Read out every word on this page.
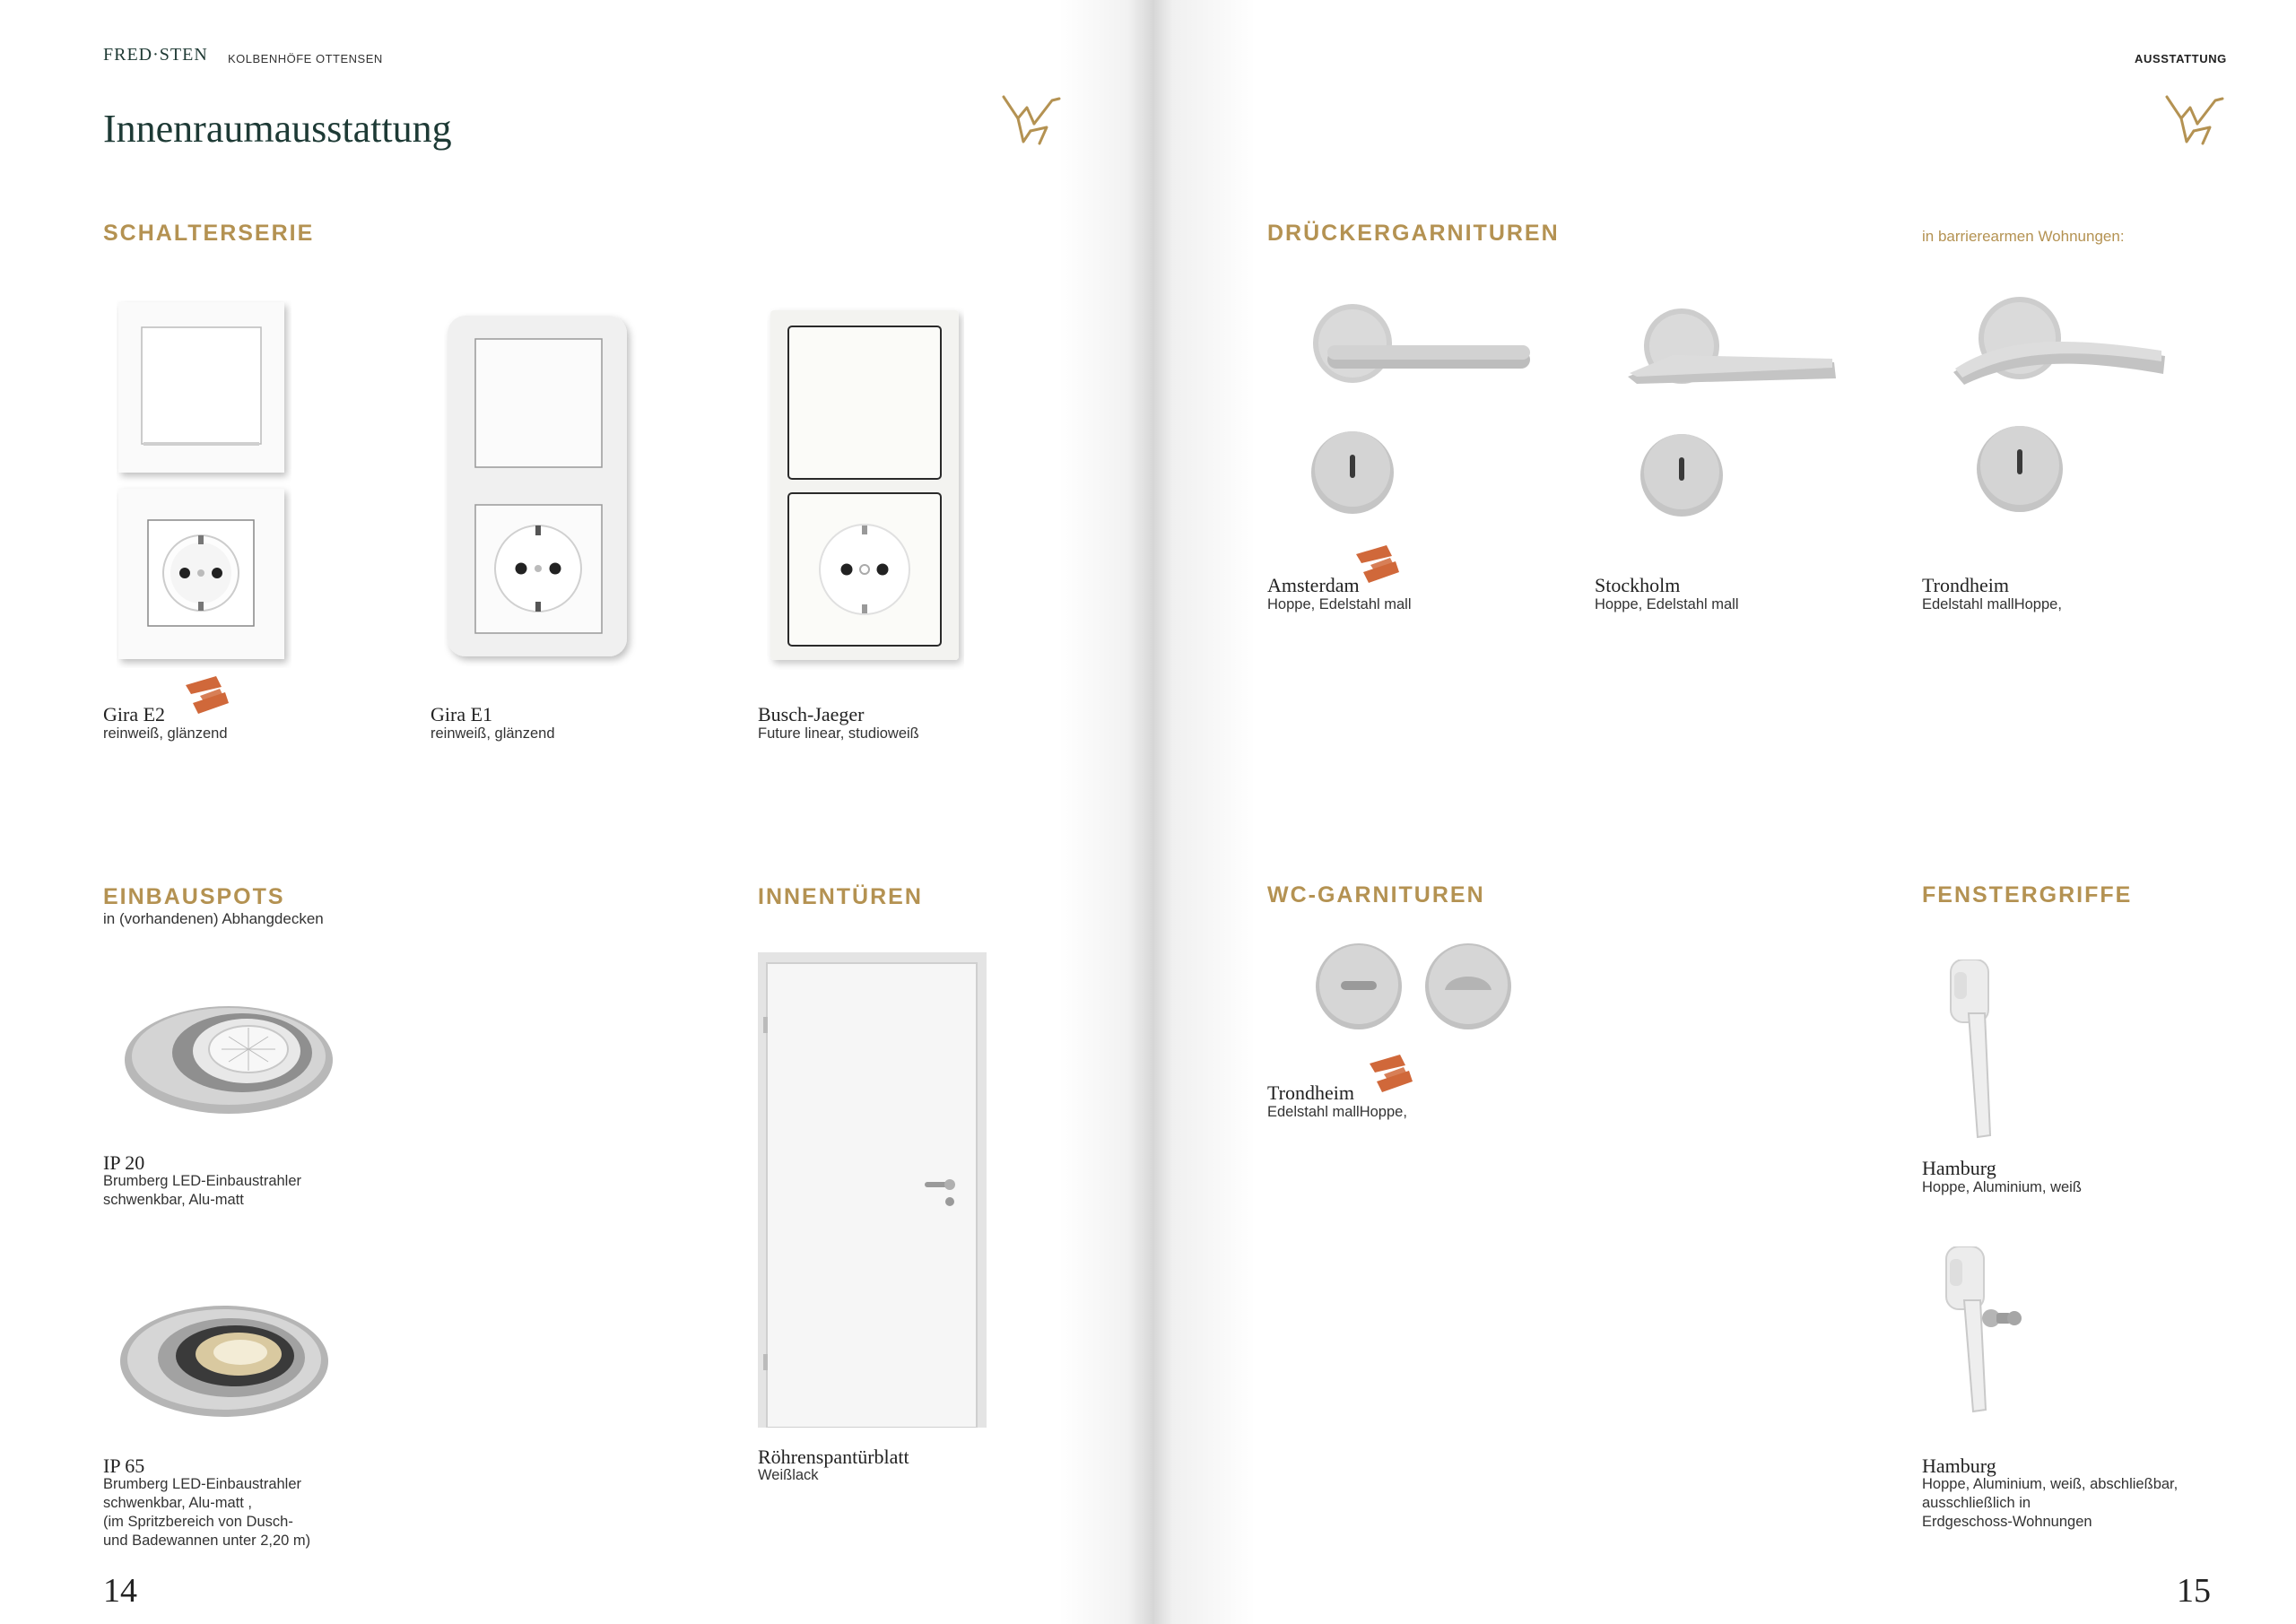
FRED·STEN KOLBENHÖFE OTTENSEN
Innenraumausstattung
SCHALTERSERIE
Gira E2
reinweiß, glänzend
Gira E1
reinweiß, glänzend
Busch-Jaeger
Future linear, studioweiß
EINBAUSPOTS
in (vorhandenen) Abhangdecken
IP 20
Brumberg LED-Einbaustrahler
schwenkbar, Alu-matt
IP 65
Brumberg LED-Einbaustrahler
schwenkbar, Alu-matt ,
(im Spritzbereich von Dusch-
und Badewannen unter 2,20 m)
INNENTÜREN
Röhrenspantürblatt
Weißlack
14
AUSSTATTUNG
DRÜCKERGARNITUREN	in barrierearmen Wohnungen:
Amsterdam
Hoppe, Edelstahl mall
Stockholm
Hoppe, Edelstahl mall
Trondheim
Edelstahl mallHoppe,
WC-GARNITUREN
Trondheim
Edelstahl mallHoppe,
FENSTERGRIFFE
Hamburg
Hoppe, Aluminium, weiß
Hamburg
Hoppe, Aluminium, weiß, abschließbar,
ausschließlich in
Erdgeschoss-Wohnungen
15
